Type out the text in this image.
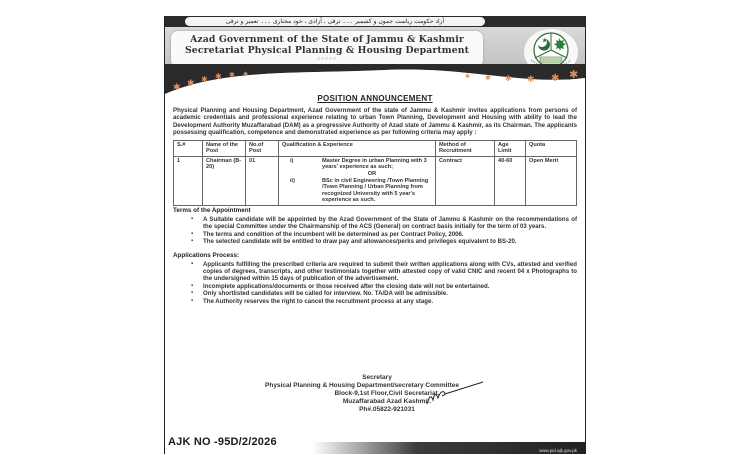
آزاد حکومت ریاست جموں و کشمیر ۔۔۔ ترقی ، آزادی ، خود مختاری ۔۔۔ تعمیر و ترقی
Azad Government of the State of Jammu & Kashmir
Secretariat Physical Planning & Housing Department
○○○○○
✱ ✱ ✱ ✱ ✱ ✱	✱ ✱ ✱ ✱ ✱ ✱
POSITION ANNOUNCEMENT
Physical Planning and Housing Department, Azad Government of the state of Jammu & Kashmir invites applications from persons of academic credentials and professional experience relating to urban Town Planning, Development and Housing with ability to lead the Development Authority Muzaffarabad (DAM) as a progressive Authority of Azad state of Jammu & Kashmir, as its Chairman. The applicants possessing qualification, competence and demonstrated experience as per following criteria may apply :
S.#	Name of the Post	No.of Post	Qualification & Experience	Method of Recruitment	Age Limit	Quota
1	Chairman (B-20)	01	i) Master Degree in urban Planning with 3 years' experience as such;
OR
ii) BSc in civil Engineering /Town Planning /Town Planning / Urban Planning from recognized University with 5 year's experience as such.	Contract	40-60	Open Merit
Terms of the Appointment
▪ A Suitable candidate will be appointed by the Azad Government of the State of Jammu & Kashmir on the recommendations of the special Committee under the Chairmanship of the ACS (General) on contract basis initially for the term of 03 years.
▪ The terms and condition of the incumbent will be determined as per Contract Policy, 2006.
▪ The selected candidate will be entitled to draw pay and allowances/perks and privileges equivalent to BS-20.
Applications Process:
▪ Applicants fulfilling the prescribed criteria are required to submit their written applications along with CVs, attested and verified copies of degrees, transcripts, and other testimonials together with attested copy of valid CNIC and recent 04 x Photographs to the undersigned within 15 days of publication of the advertisement.
▪ Incomplete applications/documents or those received after the closing date will not be entertained.
▪ Only shortlisted candidates will be called for interview. No. TA/DA will be admissible.
▪ The Authority reserves the right to cancel the recruitment process at any stage.
Secretary
Physical Planning & Housing Department/secretary Committee
Block-9,1st Floor,Civil Secretariat.
Muzaffarabad Azad Kashmir.
Ph#.05822-921031
www.pid.ajk.gov.pk
AJK NO -95D/2/2026
